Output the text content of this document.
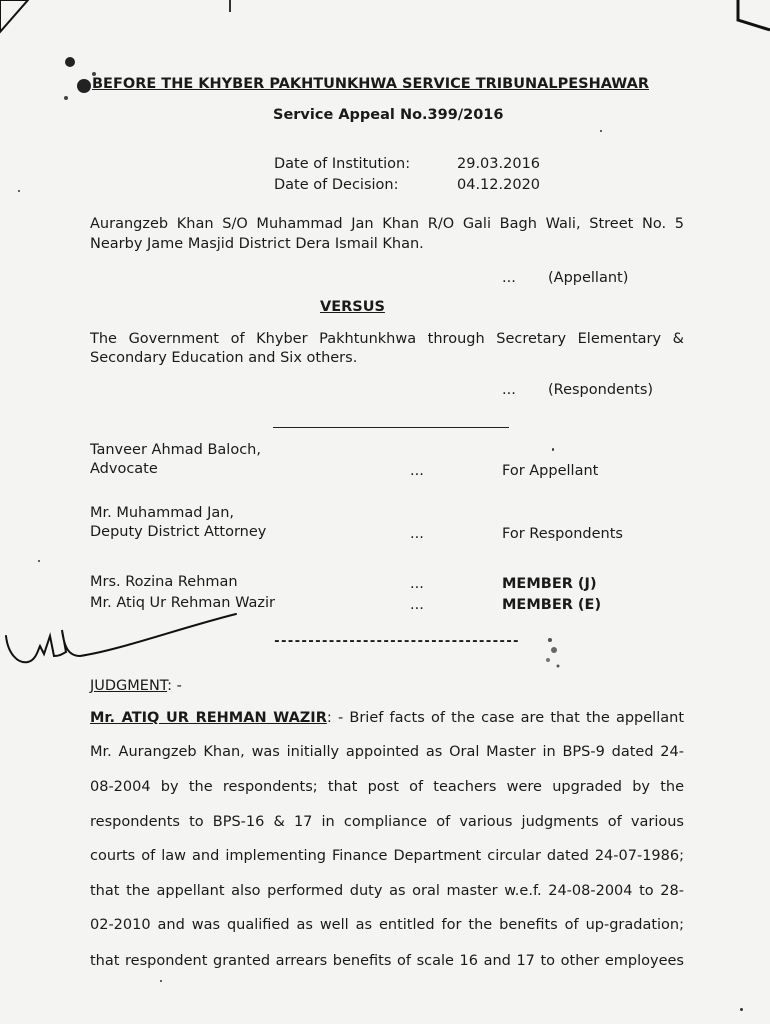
BEFORE THE KHYBER PAKHTUNKHWA SERVICE TRIBUNALPESHAWAR
Service Appeal No.399/2016
Date of Institution:	29.03.2016
Date of Decision:	04.12.2020
Aurangzeb Khan S/O Muhammad Jan Khan R/O Gali Bagh Wali, Street No. 5
Nearby Jame Masjid District Dera Ismail Khan.
... (Appellant)
VERSUS
The Government of Khyber Pakhtunkhwa through Secretary Elementary &
Secondary Education and Six others.
... (Respondents)
Tanveer Ahmad Baloch,
Advocate	...	For Appellant
Mr. Muhammad Jan,
Deputy District Attorney	...	For Respondents
Mrs. Rozina Rehman	...	MEMBER (J)
Mr. Atiq Ur Rehman Wazir	...	MEMBER (E)
------------------------------------
JUDGMENT: -
Mr. ATIQ UR REHMAN WAZIR: - Brief facts of the case are that the appellant
Mr. Aurangzeb Khan, was initially appointed as Oral Master in BPS-9 dated 24-
08-2004 by the respondents; that post of teachers were upgraded by the
respondents to BPS-16 & 17 in compliance of various judgments of various
courts of law and implementing Finance Department circular dated 24-07-1986;
that the appellant also performed duty as oral master w.e.f. 24-08-2004 to 28-
02-2010 and was qualified as well as entitled for the benefits of up-gradation;
that respondent granted arrears benefits of scale 16 and 17 to other employees
